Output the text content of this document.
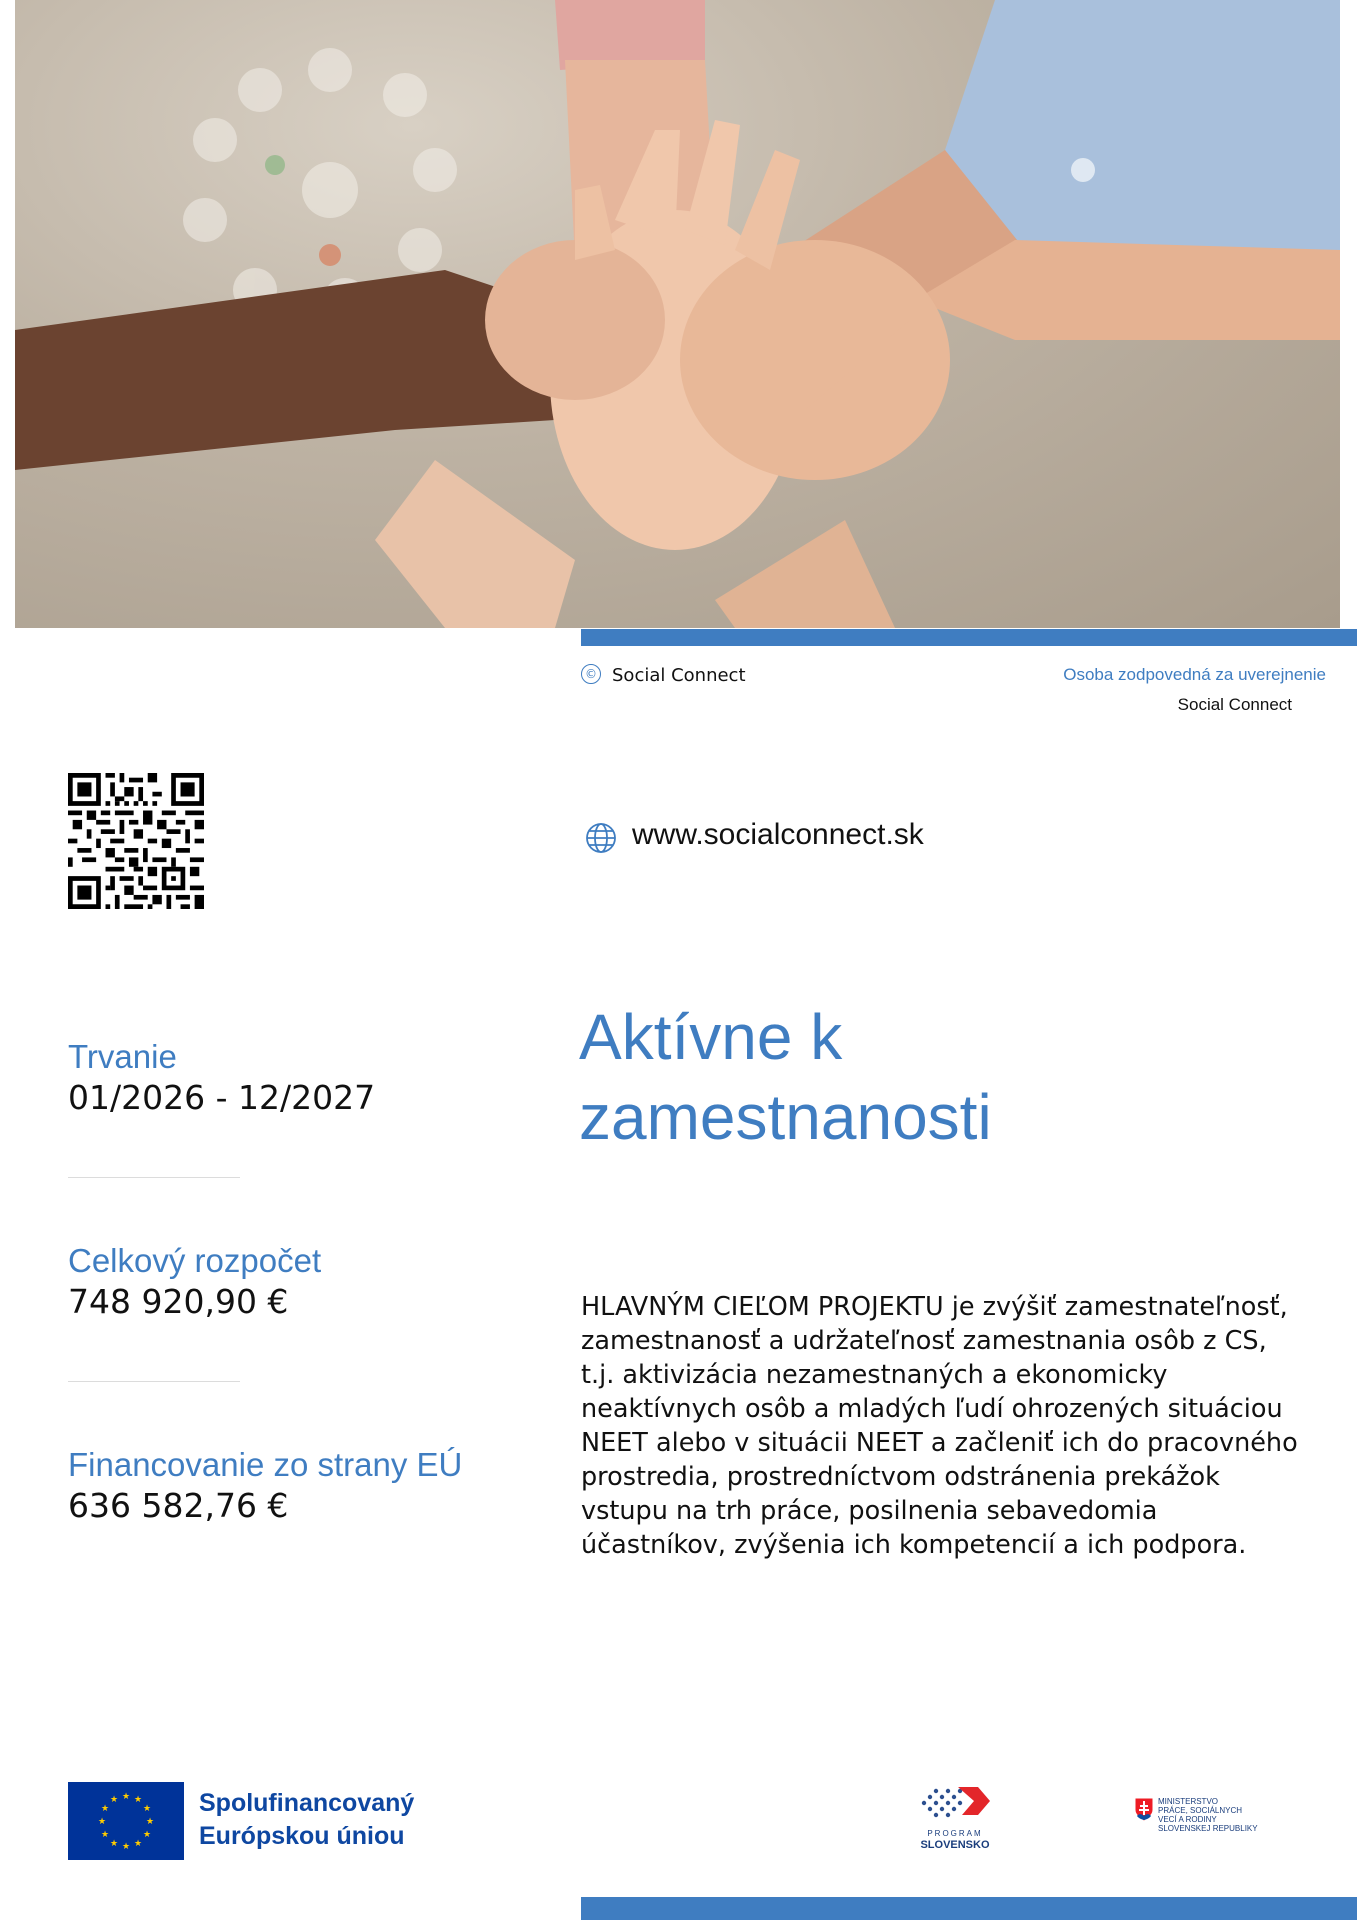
© Social Connect	Osoba zodpovedná za uverejnenie
Social Connect
www.socialconnect.sk
Trvanie
01/2026 - 12/2027
Celkový rozpočet
748 920,90 €
Financovanie zo strany EÚ
636 582,76 €
Aktívne k
zamestnanosti

HLAVNÝM CIEĽOM PROJEKTU je zvýšiť zamestnateľnosť, zamestnanosť a udržateľnosť zamestnania osôb z CS, t.j. aktivizácia nezamestnaných a ekonomicky neaktívnych osôb a mladých ľudí ohrozených situáciou NEET alebo v situácii NEET a začleniť ich do pracovného prostredia, prostredníctvom odstránenia prekážok vstupu na trh práce, posilnenia sebavedomia účastníkov, zvýšenia ich kompetencií a ich podpora.

★ ★
★
★
★
★
★
★
★
★
★
★	Spolufinancovaný
Európskou úniou	PROGRAM
SLOVENSKO
MINISTERSTVO
PRÁCE, SOCIÁLNYCH
VECÍ A RODINY
SLOVENSKEJ REPUBLIKY
